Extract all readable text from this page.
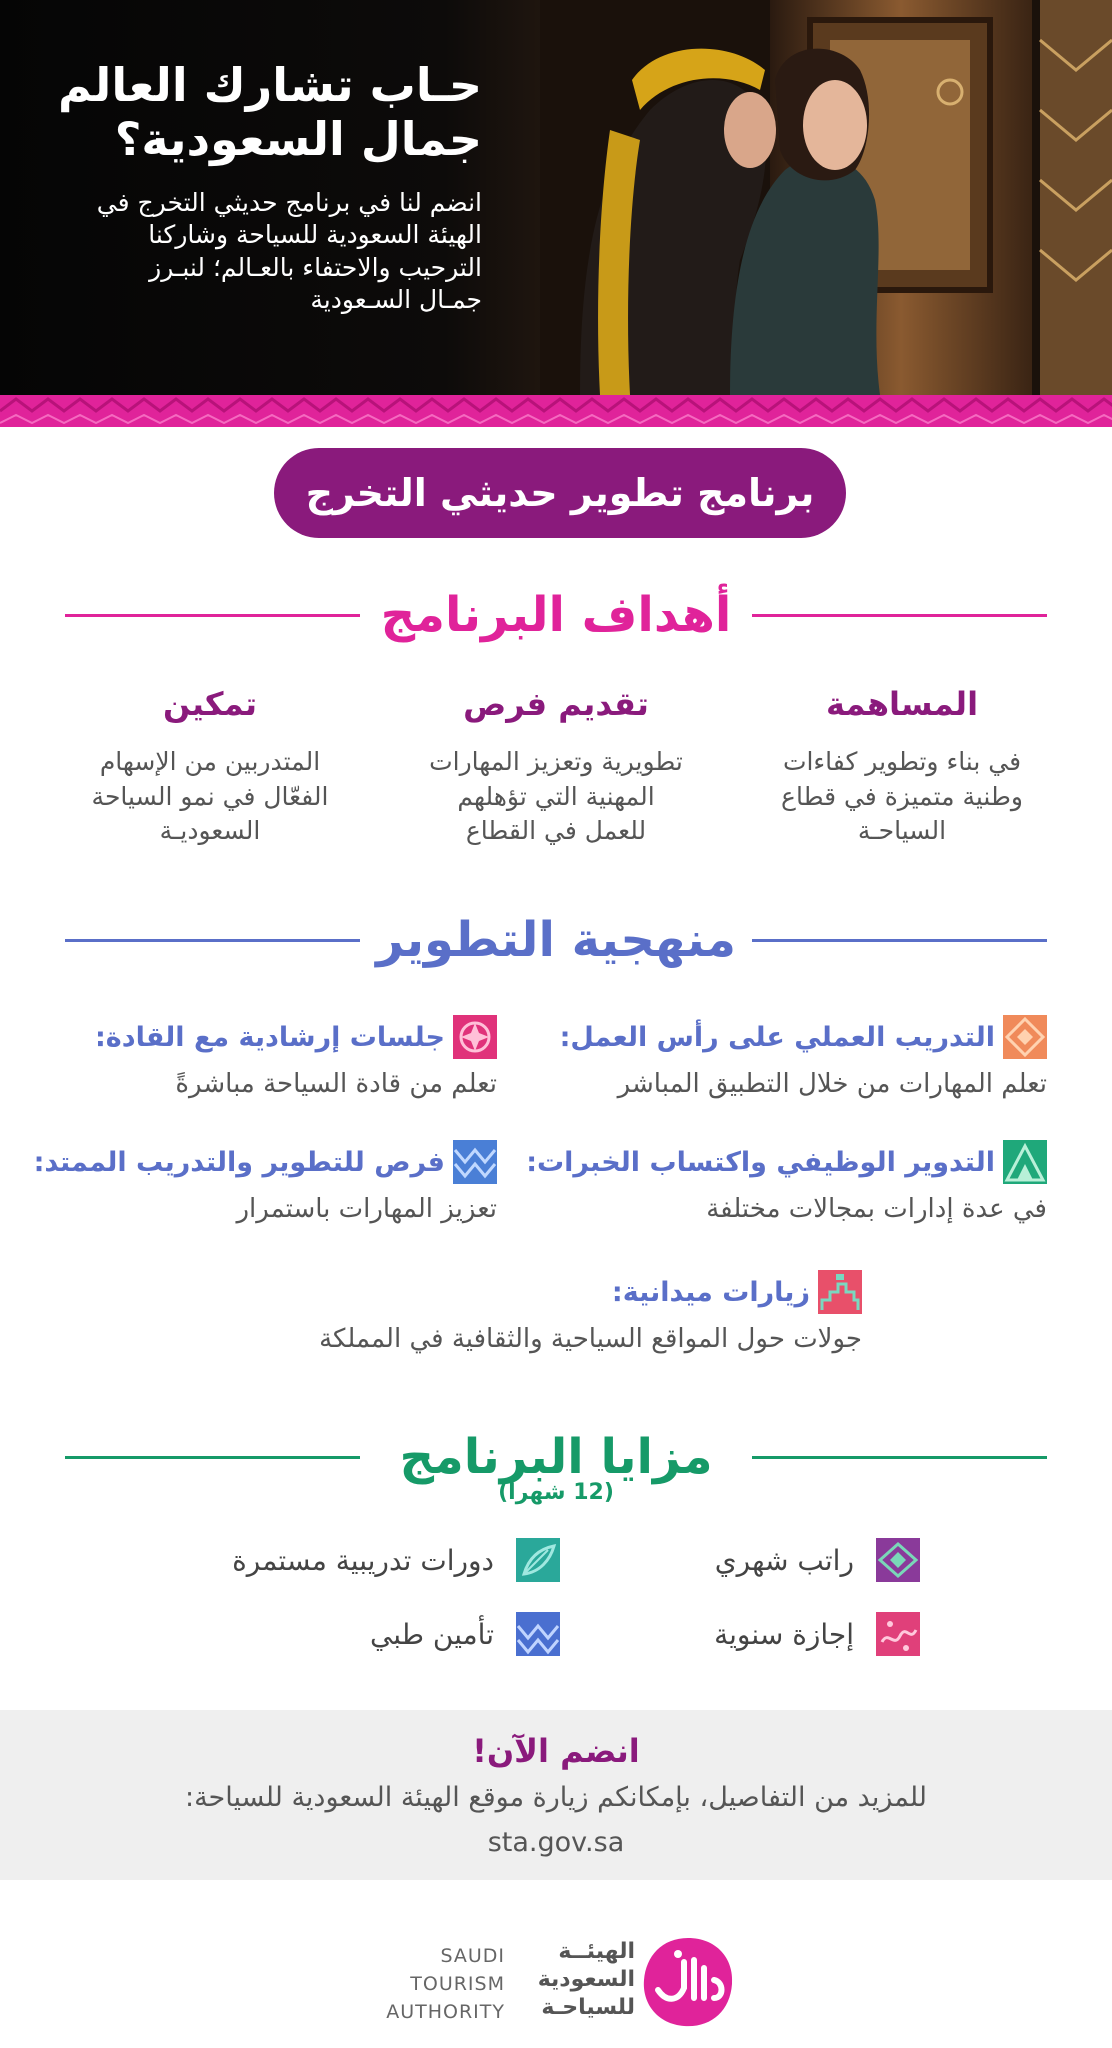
حـاب تشارك العالم
جمال السعودية؟
انضم لنا في برنامج حديثي التخرج في
الهيئة السعودية للسياحة وشاركنا
الترحيب والاحتفاء بالعـالم؛ لنبـرز
جمـال السـعودية
برنامج تطوير حديثي التخرج
أهداف البرنامج
المساهمة
في بناء وتطوير كفاءات
وطنية متميزة في قطاع
السياحـة
تقديم فرص
تطويرية وتعزيز المهارات
المهنية التي تؤهلهم
للعمل في القطاع
تمكين
المتدربين من الإسهام
الفعّال في نمو السياحة
السعوديـة
منهجية التطوير
التدريب العملي على رأس العمل:
تعلم المهارات من خلال التطبيق المباشر
جلسات إرشادية مع القادة:
تعلم من قادة السياحة مباشرةً
التدوير الوظيفي واكتساب الخبرات:
في عدة إدارات بمجالات مختلفة
فرص للتطوير والتدريب الممتد:
تعزيز المهارات باستمرار
زيارات ميدانية:
جولات حول المواقع السياحية والثقافية في المملكة
مزايا البرنامج
(12 شهراً)
راتب شهري
دورات تدريبية مستمرة
إجازة سنوية
تأمين طبي
انضم الآن!
للمزيد من التفاصيل، بإمكانكم زيارة موقع الهيئة السعودية للسياحة:
sta.gov.sa
SAUDI
TOURISM
AUTHORITY
الهيئــة
السعودية
للسياحـة
